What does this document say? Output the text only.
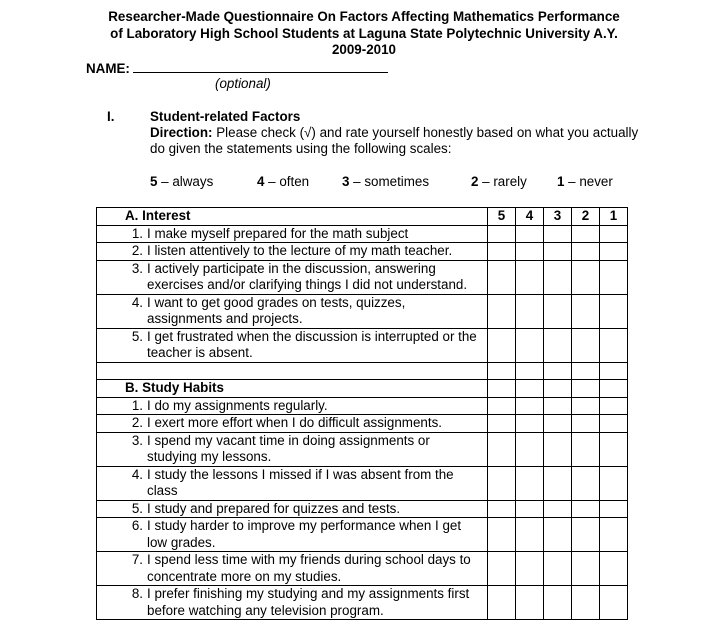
Researcher-Made Questionnaire On Factors Affecting Mathematics Performance
of Laboratory High School Students at Laguna State Polytechnic University A.Y.
2009-2010
NAME:
(optional)
I.	Student-related Factors
Direction: Please check (√) and rate yourself honestly based on what you actually do given the statements using the following scales:
5 – always	4 – often 3 – sometimes	2 – rarely 1 – never
A. Interest	5	4	3	2	1

1. I make myself prepared for the math subject					

2. I listen attentively to the lecture of my math teacher.					

3. I actively participate in the discussion, answering exercises and/or clarifying things I did not understand.					

4. I want to get good grades on tests, quizzes, assignments and projects.					

5. I get frustrated when the discussion is interrupted or the teacher is absent.					

B. Study Habits					

1. I do my assignments regularly.					

2. I exert more effort when I do difficult assignments.					

3. I spend my vacant time in doing assignments or studying my lessons.					

4. I study the lessons I missed if I was absent from the class					

5. I study and prepared for quizzes and tests.					

6. I study harder to improve my performance when I get low grades.					

7. I spend less time with my friends during school days to concentrate more on my studies.					

8. I prefer finishing my studying and my assignments first before watching any television program.					
